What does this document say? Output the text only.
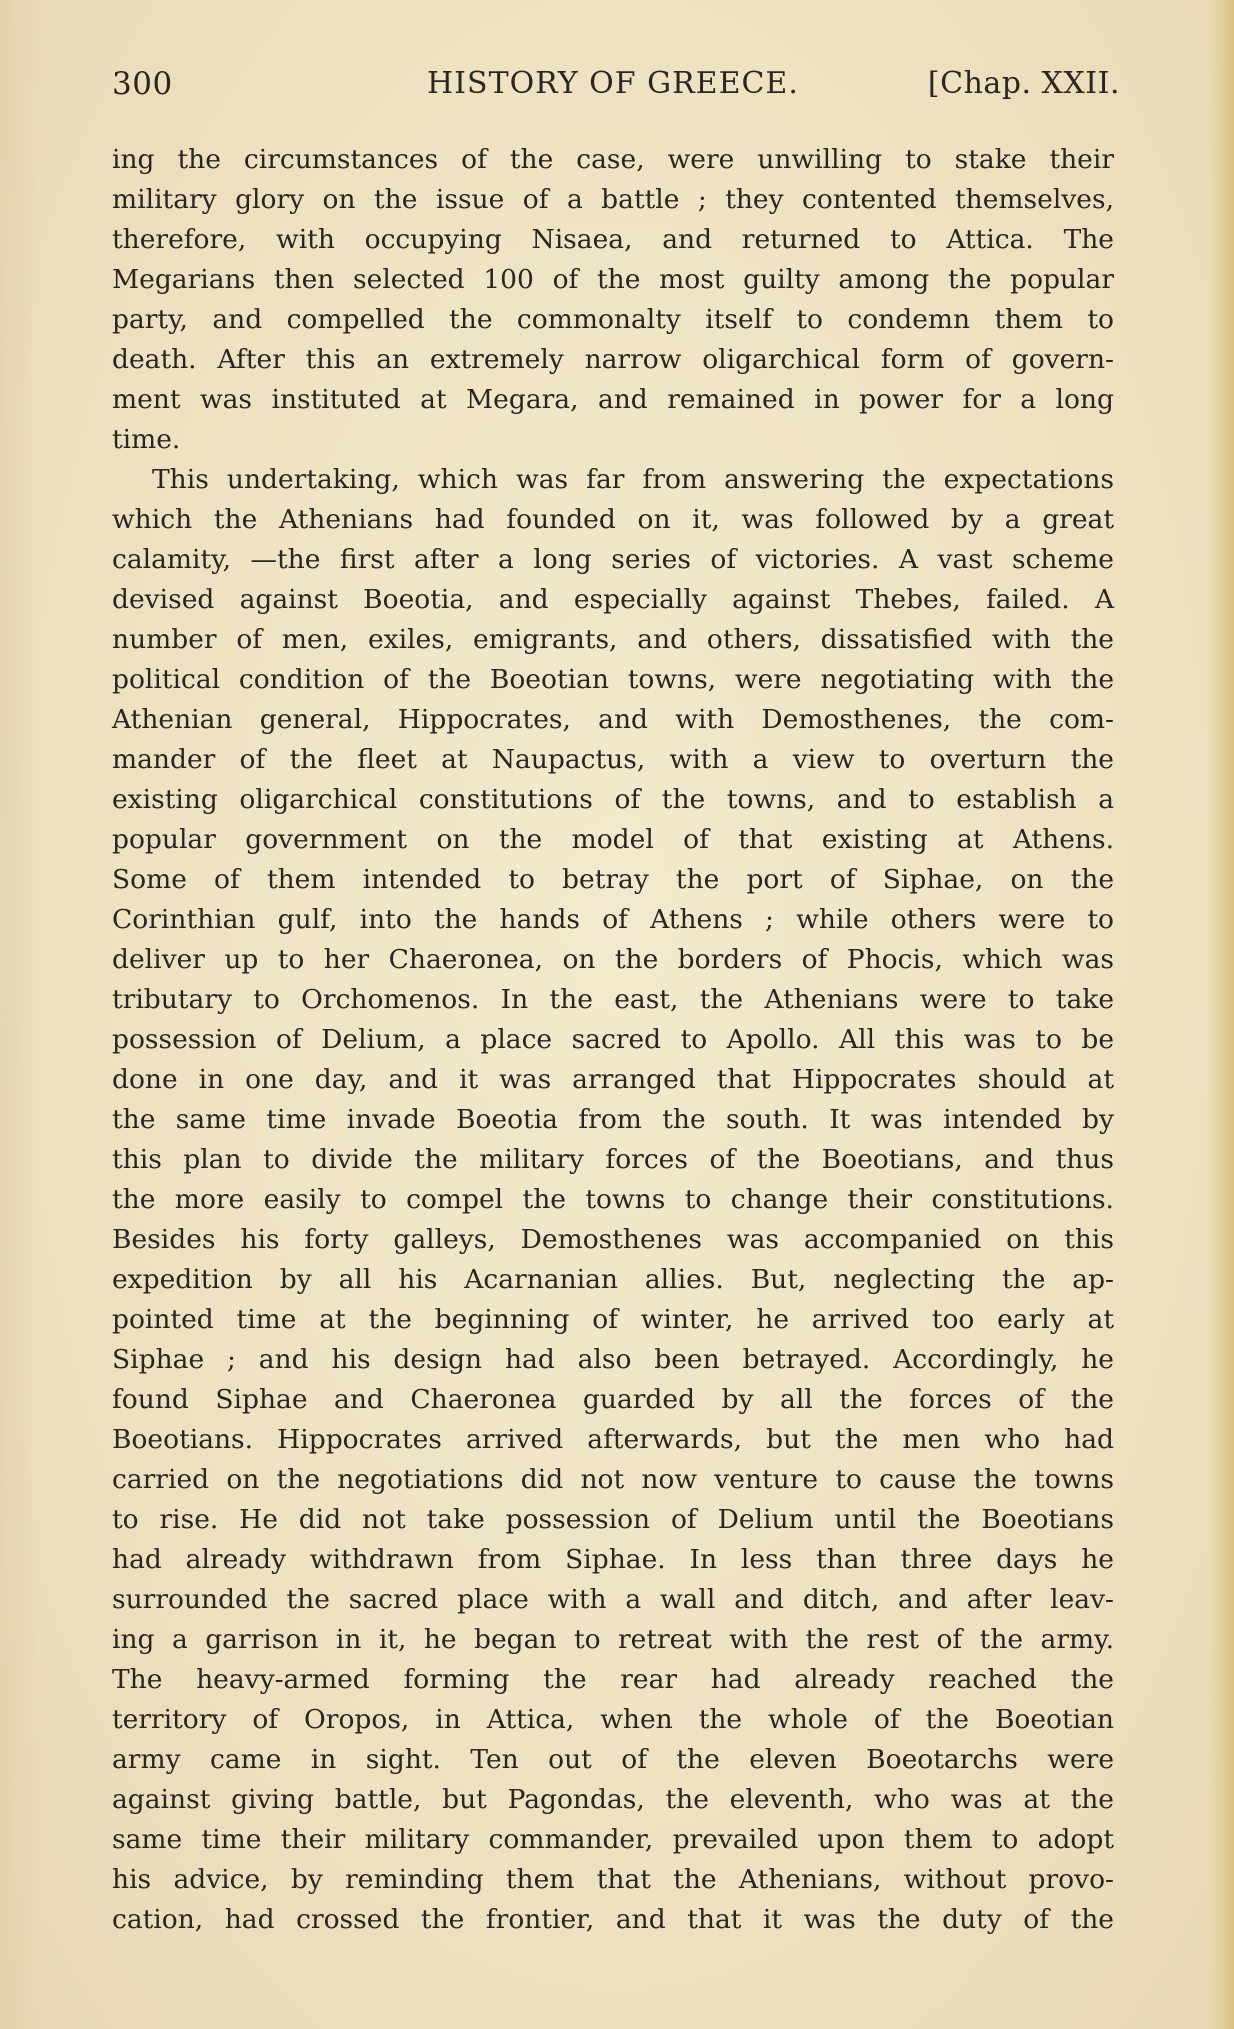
300	HISTORY OF GREECE.	[Chap. XXII.

ing the circumstances of the case, were unwilling to stake their

military glory on the issue of a battle ; they contented themselves,

therefore, with occupying Nisaea, and returned to Attica. The

Megarians then selected 100 of the most guilty among the popular

party, and compelled the commonalty itself to condemn them to

death. After this an extremely narrow oligarchical form of govern-

ment was instituted at Megara, and remained in power for a long

time.

This undertaking, which was far from answering the expectations

which the Athenians had founded on it, was followed by a great

calamity, —the first after a long series of victories. A vast scheme

devised against Boeotia, and especially against Thebes, failed. A

number of men, exiles, emigrants, and others, dissatisfied with the

political condition of the Boeotian towns, were negotiating with the

Athenian general, Hippocrates, and with Demosthenes, the com-

mander of the fleet at Naupactus, with a view to overturn the

existing oligarchical constitutions of the towns, and to establish a

popular government on the model of that existing at Athens.

Some of them intended to betray the port of Siphae, on the

Corinthian gulf, into the hands of Athens ; while others were to

deliver up to her Chaeronea, on the borders of Phocis, which was

tributary to Orchomenos. In the east, the Athenians were to take

possession of Delium, a place sacred to Apollo. All this was to be

done in one day, and it was arranged that Hippocrates should at

the same time invade Boeotia from the south. It was intended by

this plan to divide the military forces of the Boeotians, and thus

the more easily to compel the towns to change their constitutions.

Besides his forty galleys, Demosthenes was accompanied on this

expedition by all his Acarnanian allies. But, neglecting the ap-

pointed time at the beginning of winter, he arrived too early at

Siphae ; and his design had also been betrayed. Accordingly, he

found Siphae and Chaeronea guarded by all the forces of the

Boeotians. Hippocrates arrived afterwards, but the men who had

carried on the negotiations did not now venture to cause the towns

to rise. He did not take possession of Delium until the Boeotians

had already withdrawn from Siphae. In less than three days he

surrounded the sacred place with a wall and ditch, and after leav-

ing a garrison in it, he began to retreat with the rest of the army.

The heavy-armed forming the rear had already reached the

territory of Oropos, in Attica, when the whole of the Boeotian

army came in sight. Ten out of the eleven Boeotarchs were

against giving battle, but Pagondas, the eleventh, who was at the

same time their military commander, prevailed upon them to adopt

his advice, by reminding them that the Athenians, without provo-

cation, had crossed the frontier, and that it was the duty of the
